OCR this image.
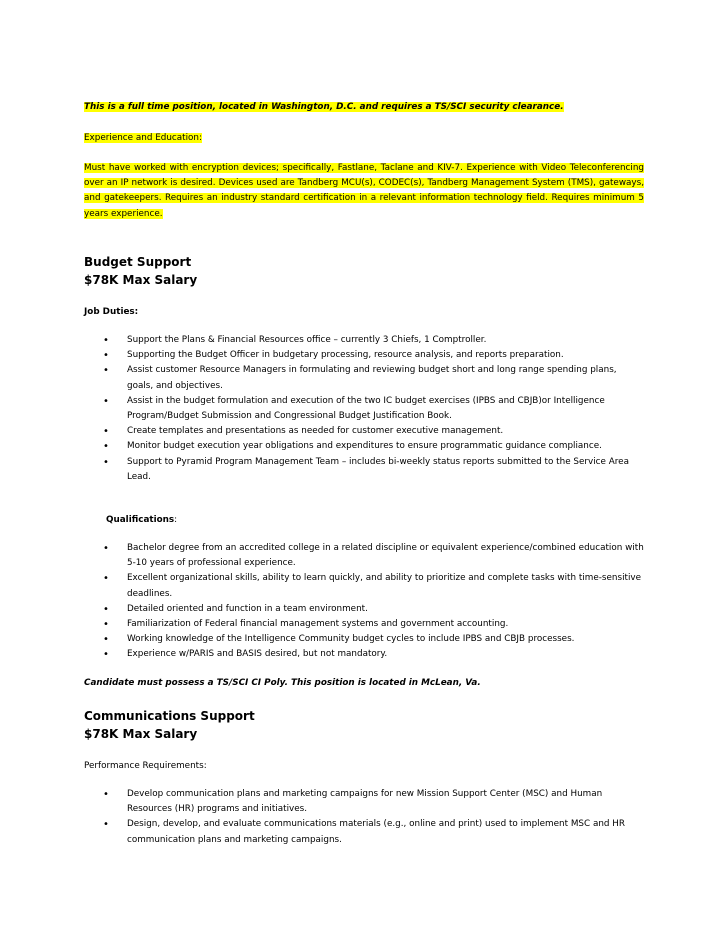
This is a full time position, located in Washington, D.C. and requires a TS/SCI security clearance.
Experience and Education:
Must have worked with encryption devices; specifically, Fastlane, Taclane and KIV-7. Experience with Video Teleconferencing over an IP network is desired. Devices used are Tandberg MCU(s), CODEC(s), Tandberg Management System (TMS), gateways, and gatekeepers. Requires an industry standard certification in a relevant information technology field. Requires minimum 5 years experience.
Budget Support
$78K Max Salary
Job Duties:
• Support the Plans & Financial Resources office – currently 3 Chiefs, 1 Comptroller.
• Supporting the Budget Officer in budgetary processing, resource analysis, and reports preparation.
• Assist customer Resource Managers in formulating and reviewing budget short and long range spending plans, goals, and objectives.
• Assist in the budget formulation and execution of the two IC budget exercises (IPBS and CBJB)or Intelligence Program/Budget Submission and Congressional Budget Justification Book.
• Create templates and presentations as needed for customer executive management.
• Monitor budget execution year obligations and expenditures to ensure programmatic guidance compliance.
• Support to Pyramid Program Management Team – includes bi-weekly status reports submitted to the Service Area Lead.
Qualifications:
• Bachelor degree from an accredited college in a related discipline or equivalent experience/combined education with 5-10 years of professional experience.
• Excellent organizational skills, ability to learn quickly, and ability to prioritize and complete tasks with time-sensitive deadlines.
• Detailed oriented and function in a team environment.
• Familiarization of Federal financial management systems and government accounting.
• Working knowledge of the Intelligence Community budget cycles to include IPBS and CBJB processes.
• Experience w/PARIS and BASIS desired, but not mandatory.
Candidate must possess a TS/SCI CI Poly. This position is located in McLean, Va.
Communications Support
$78K Max Salary
Performance Requirements:
• Develop communication plans and marketing campaigns for new Mission Support Center (MSC) and Human Resources (HR) programs and initiatives.
• Design, develop, and evaluate communications materials (e.g., online and print) used to implement MSC and HR communication plans and marketing campaigns.
